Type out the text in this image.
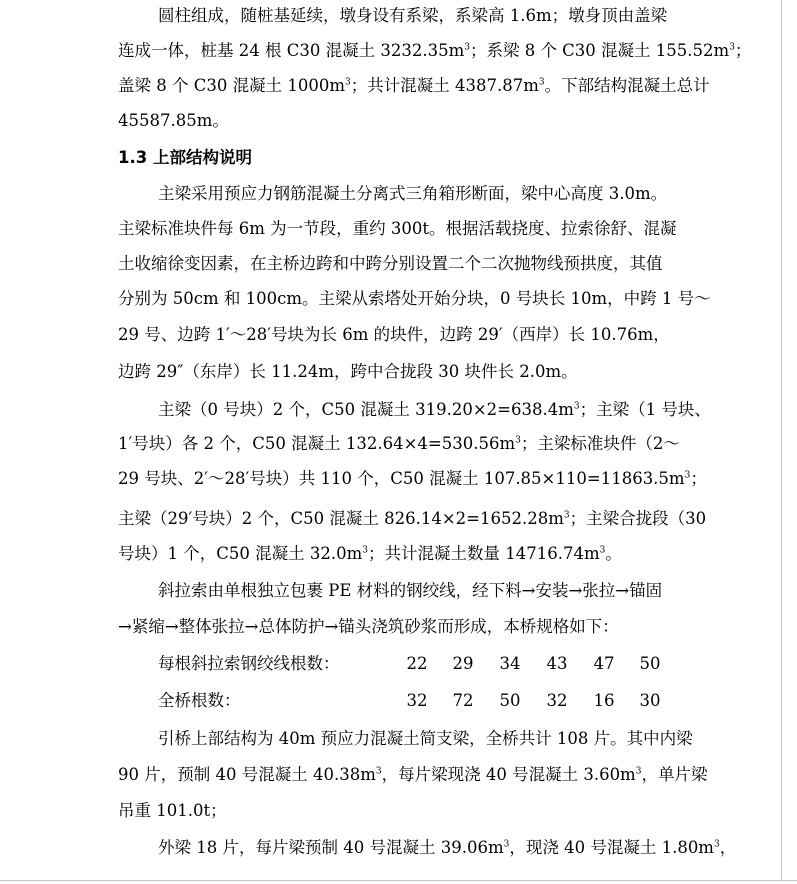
圆柱组成，随桩基延续，墩身设有系梁，系梁高 1.6m；墩身顶由盖梁
连成一体，桩基 24 根 C30 混凝土 $3232.35m^3$；系梁 8 个 C30 混凝土 $155.52m^3$；
盖梁 8 个 C30 混凝土 $1000m^3$；共计混凝土 $4387.87m^3$。下部结构混凝土总计
45587.85m。
1.3 上部结构说明
主梁采用预应力钢筋混凝土分离式三角箱形断面，梁中心高度 3.0m。
主梁标准块件每 6m 为一节段，重约 300t。根据活载挠度、拉索徐舒、混凝
土收缩徐变因素，在主桥边跨和中跨分别设置二个二次抛物线预拱度，其值
分别为 50cm 和 100cm。主梁从索塔处开始分块，0 号块长 10m，中跨 1 号～
29 号、边跨 1′～28′号块为长 6m 的块件，边跨 29′（西岸）长 10.76m，
边跨 29″（东岸）长 11.24m，跨中合拢段 30 块件长 2.0m。
主梁（0 号块）2 个，C50 混凝土 $319.20\times 2=638.4m^3$；主梁（1 号块、
1′号块）各 2 个，C50 混凝土 $132.64\times 4=530.56m^3$；主梁标准块件（2～
29 号块、2′～28′号块）共 110 个，C50 混凝土 $107.85\times 110=11863.5m^3$；
主梁（29′号块）2 个，C50 混凝土 $826.14\times 2=1652.28m^3$；主梁合拢段（30
号块）1 个，C50 混凝土 $32.0m^3$；共计混凝土数量 $14716.74m^3$。
斜拉索由单根独立包裹 PE 材料的钢绞线，经下料→安装→张拉→锚固
→紧缩→整体张拉→总体防护→锚头浇筑砂浆而形成，本桥规格如下：
每根斜拉索钢绞线根数：	22	29	34	43	47	50
全桥根数：	32	72	50	32	16	30
引桥上部结构为 40m 预应力混凝土简支梁，全桥共计 108 片。其中内梁
90 片，预制 40 号混凝土 $40.38m^3$，每片梁现浇 40 号混凝土 $3.60m^3$，单片梁
吊重 101.0t；
外梁 18 片，每片梁预制 40 号混凝土 $39.06m^3$，现浇 40 号混凝土 $1.80m^3$，
